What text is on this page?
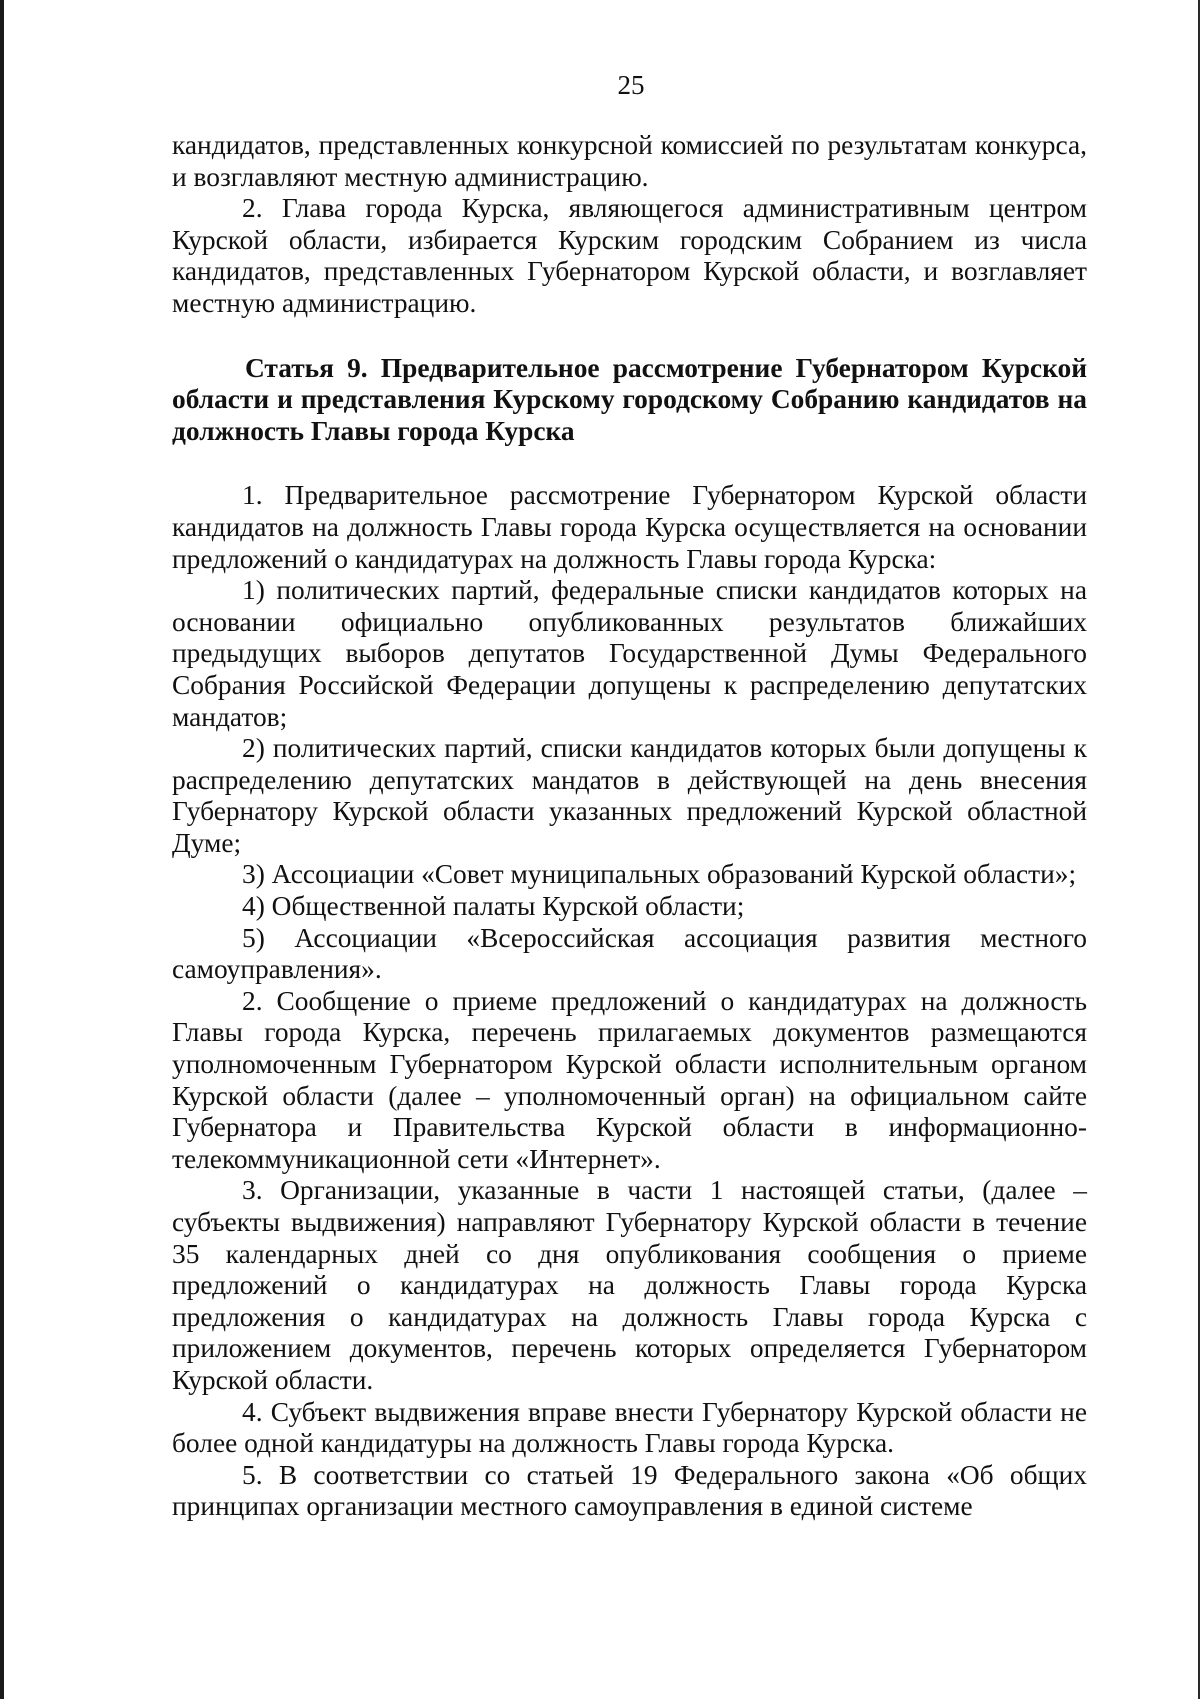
25

кандидатов, представленных конкурсной комиссией по результатам конкурса, и возглавляют местную администрацию.

2. Глава города Курска, являющегося административным центром Курской области, избирается Курским городским Собранием из числа кандидатов, представленных Губернатором Курской области, и возглавляет местную администрацию.

Статья 9. Предварительное рассмотрение Губернатором Курской области и представления Курскому городскому Собранию кандидатов на должность Главы города Курска

1. Предварительное рассмотрение Губернатором Курской области кандидатов на должность Главы города Курска осуществляется на основании предложений о кандидатурах на должность Главы города Курска:

1) политических партий, федеральные списки кандидатов которых на основании официально опубликованных результатов ближайших предыдущих выборов депутатов Государственной Думы Федерального Собрания Российской Федерации допущены к распределению депутатских мандатов;

2) политических партий, списки кандидатов которых были допущены к распределению депутатских мандатов в действующей на день внесения Губернатору Курской области указанных предложений Курской областной Думе;

3) Ассоциации «Совет муниципальных образований Курской области»;

4) Общественной палаты Курской области;

5) Ассоциации «Всероссийская ассоциация развития местного самоуправления».

2. Сообщение о приеме предложений о кандидатурах на должность Главы города Курска, перечень прилагаемых документов размещаются уполномоченным Губернатором Курской области исполнительным органом Курской области (далее – уполномоченный орган) на официальном сайте Губернатора и Правительства Курской области в информационно-телекоммуникационной сети «Интернет».

3. Организации, указанные в части 1 настоящей статьи, (далее – субъекты выдвижения) направляют Губернатору Курской области в течение 35 календарных дней со дня опубликования сообщения о приеме предложений о кандидатурах на должность Главы города Курска предложения о кандидатурах на должность Главы города Курска с приложением документов, перечень которых определяется Губернатором Курской области.

4. Субъект выдвижения вправе внести Губернатору Курской области не более одной кандидатуры на должность Главы города Курска.

5. В соответствии со статьей 19 Федерального закона «Об общих принципах организации местного самоуправления в единой системе
